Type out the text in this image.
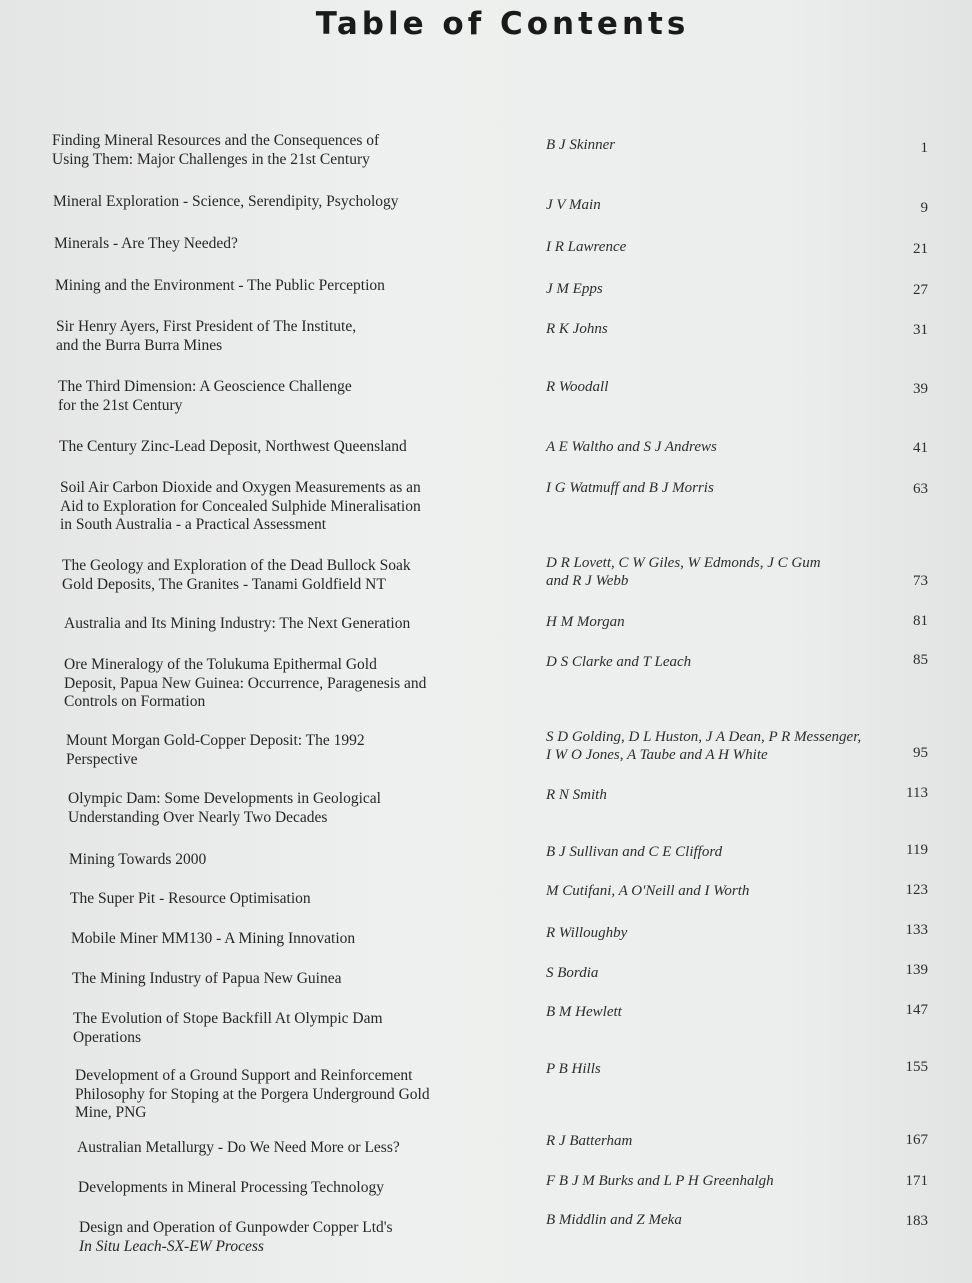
Table of Contents
Finding Mineral Resources and the Consequences of
Using Them: Major Challenges in the 21st Century
B J Skinner	1
Mineral Exploration - Science, Serendipity, Psychology	J V Main	9
Minerals - Are They Needed?	I R Lawrence	21
Mining and the Environment - The Public Perception	J M Epps	27
Sir Henry Ayers, First President of The Institute,
and the Burra Burra Mines
R K Johns	31
The Third Dimension: A Geoscience Challenge
for the 21st Century
R Woodall	39
The Century Zinc-Lead Deposit, Northwest Queensland	A E Waltho and S J Andrews	41
Soil Air Carbon Dioxide and Oxygen Measurements as an
Aid to Exploration for Concealed Sulphide Mineralisation
in South Australia - a Practical Assessment
I G Watmuff and B J Morris	63
The Geology and Exploration of the Dead Bullock Soak
Gold Deposits, The Granites - Tanami Goldfield NT
D R Lovett, C W Giles, W Edmonds, J C Gum
and R J Webb	73
Australia and Its Mining Industry: The Next Generation	H M Morgan	81
Ore Mineralogy of the Tolukuma Epithermal Gold
Deposit, Papua New Guinea: Occurrence, Paragenesis and
Controls on Formation
D S Clarke and T Leach	85
Mount Morgan Gold-Copper Deposit: The 1992
Perspective
S D Golding, D L Huston, J A Dean, P R Messenger,
I W O Jones, A Taube and A H White	95
Olympic Dam: Some Developments in Geological
Understanding Over Nearly Two Decades
R N Smith	113
Mining Towards 2000	B J Sullivan and C E Clifford	119
The Super Pit - Resource Optimisation	M Cutifani, A O'Neill and I Worth	123
Mobile Miner MM130 - A Mining Innovation	R Willoughby	133
The Mining Industry of Papua New Guinea	S Bordia	139
The Evolution of Stope Backfill At Olympic Dam
Operations
B M Hewlett	147
Development of a Ground Support and Reinforcement
Philosophy for Stoping at the Porgera Underground Gold
Mine, PNG
P B Hills	155
Australian Metallurgy - Do We Need More or Less?	R J Batterham	167
Developments in Mineral Processing Technology	F B J M Burks and L P H Greenhalgh	171
Design and Operation of Gunpowder Copper Ltd's
In Situ Leach-SX-EW Process
B Middlin and Z Meka	183
